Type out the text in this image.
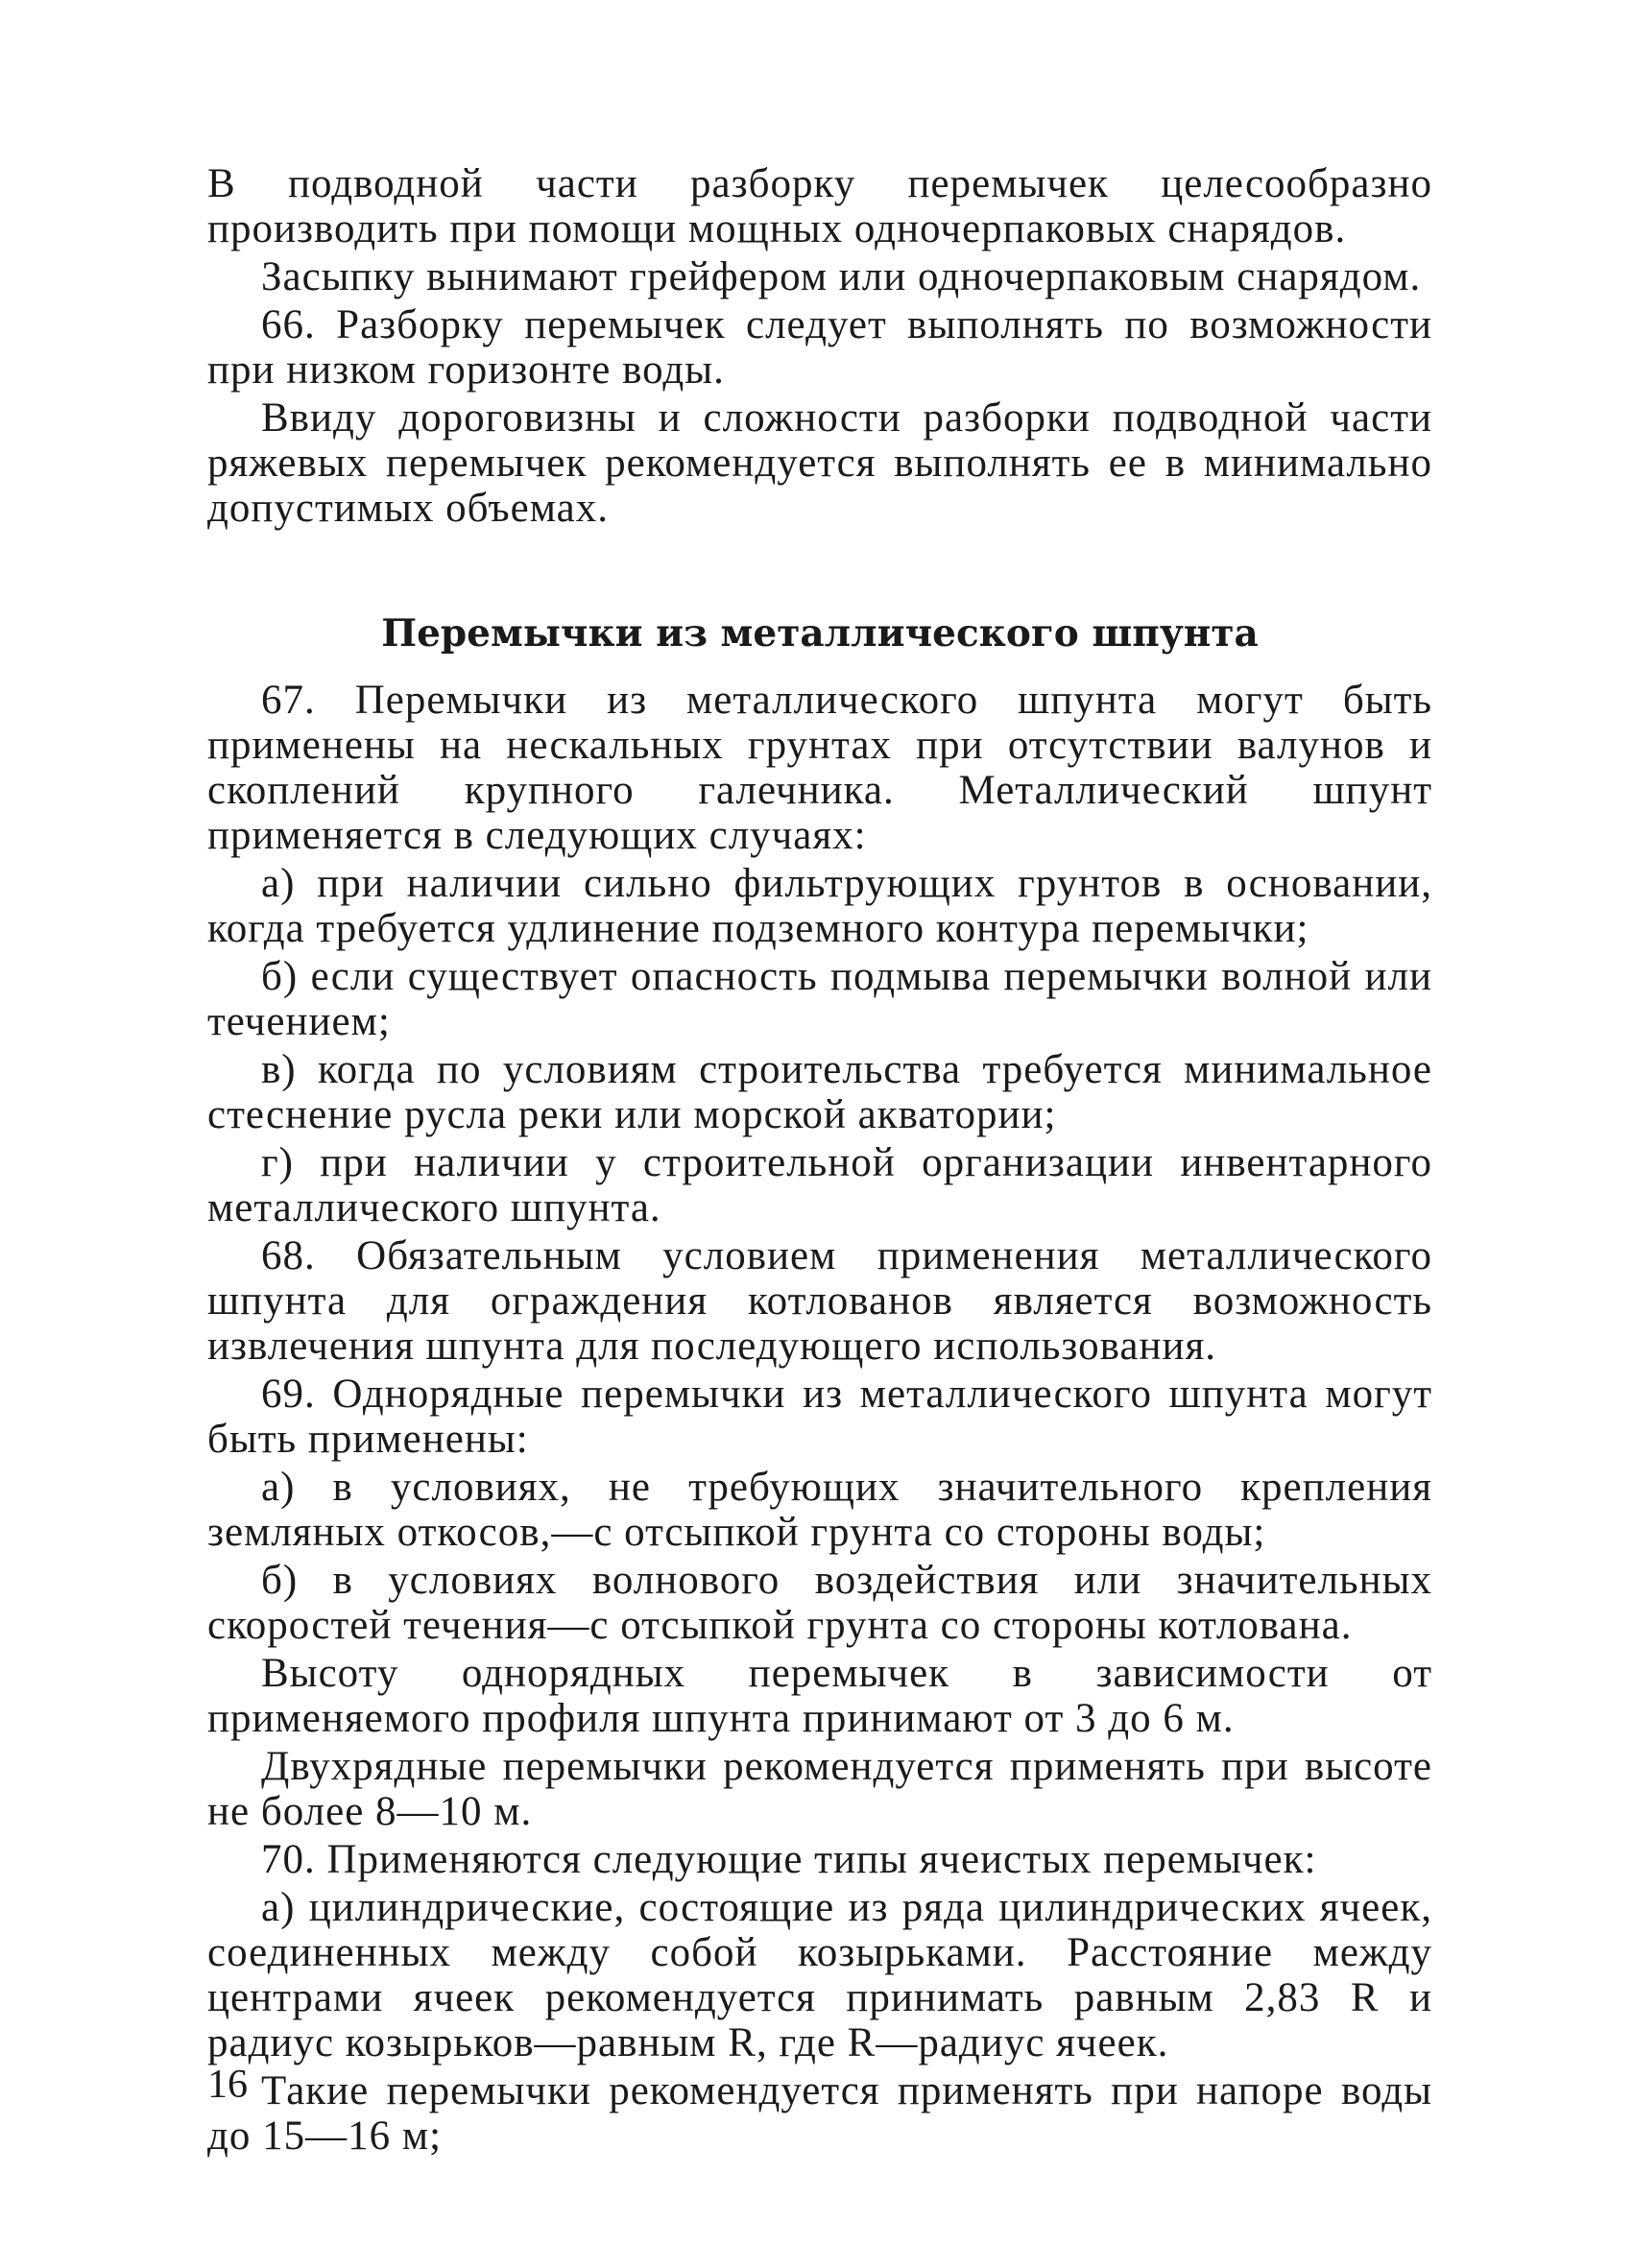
В подводной части разборку перемычек целесообразно производить при помощи мощных одночерпаковых снарядов.

Засыпку вынимают грейфером или одночерпаковым снарядом.

66. Разборку перемычек следует выполнять по возможности при низком горизонте воды.

Ввиду дороговизны и сложности разборки подводной части ряжевых перемычек рекомендуется выполнять ее в минимально допустимых объемах.

Перемычки из металлического шпунта

67. Перемычки из металлического шпунта могут быть применены на нескальных грунтах при отсутствии валунов и скоплений крупного галечника. Металлический шпунт применяется в следующих случаях:

а) при наличии сильно фильтрующих грунтов в основании, когда требуется удлинение подземного контура перемычки;

б) если существует опасность подмыва перемычки волной или течением;

в) когда по условиям строительства требуется минимальное стеснение русла реки или морской акватории;

г) при наличии у строительной организации инвентарного металлического шпунта.

68. Обязательным условием применения металлического шпунта для ограждения котлованов является возможность извлечения шпунта для последующего использования.

69. Однорядные перемычки из металлического шпунта могут быть применены:

а) в условиях, не требующих значительного крепления земляных откосов,—с отсыпкой грунта со стороны воды;

б) в условиях волнового воздействия или значительных скоростей течения—с отсыпкой грунта со стороны котлована.

Высоту однорядных перемычек в зависимости от применяемого профиля шпунта принимают от 3 до 6 м.

Двухрядные перемычки рекомендуется применять при высоте не более 8—10 м.

70. Применяются следующие типы ячеистых перемычек:

а) цилиндрические, состоящие из ряда цилиндрических ячеек, соединенных между собой козырьками. Расстояние между центрами ячеек рекомендуется принимать равным 2,83 R и радиус козырьков—равным R, где R—радиус ячеек.

Такие перемычки рекомендуется применять при напоре воды до 15—16 м;

16
